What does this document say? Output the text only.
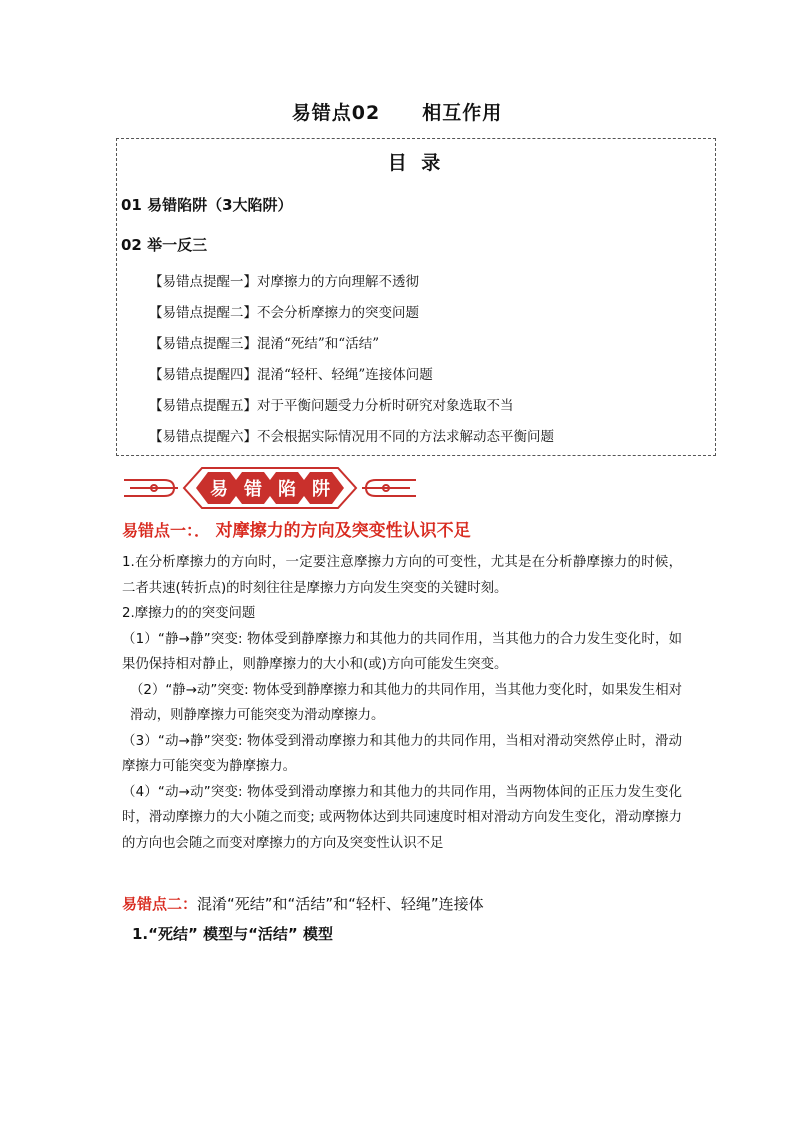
易错点02 相互作用
目 录
01 易错陷阱（3大陷阱）
02 举一反三
【易错点提醒一】对摩擦力的方向理解不透彻
【易错点提醒二】不会分析摩擦力的突变问题
【易错点提醒三】混淆“死结”和“活结”
【易错点提醒四】混淆“轻杆、轻绳”连接体问题
【易错点提醒五】对于平衡问题受力分析时研究对象选取不当
【易错点提醒六】不会根据实际情况用不同的方法求解动态平衡问题
易 错 陷 阱
易错点一：． 对摩擦力的方向及突变性认识不足

1.在分析摩擦力的方向时，一定要注意摩擦力方向的可变性，尤其是在分析静摩擦力的时候，二者共速(转折点)的时刻往往是摩擦力方向发生突变的关键时刻。

2.摩擦力的的突变问题

（1）“静→静”突变: 物体受到静摩擦力和其他力的共同作用，当其他力的合力发生变化时，如果仍保持相对静止，则静摩擦力的大小和(或)方向可能发生突变。

（2）“静→动”突变: 物体受到静摩擦力和其他力的共同作用，当其他力变化时，如果发生相对滑动，则静摩擦力可能突变为滑动摩擦力。

（3）“动→静”突变: 物体受到滑动摩擦力和其他力的共同作用，当相对滑动突然停止时，滑动摩擦力可能突变为静摩擦力。

（4）“动→动”突变: 物体受到滑动摩擦力和其他力的共同作用，当两物体间的正压力发生变化时，滑动摩擦力的大小随之而变; 或两物体达到共同速度时相对滑动方向发生变化，滑动摩擦力的方向也会随之而变对摩擦力的方向及突变性认识不足

易错点二：混淆“死结”和“活结”和“轻杆、轻绳”连接体
1.“死结” 模型与“活结” 模型
